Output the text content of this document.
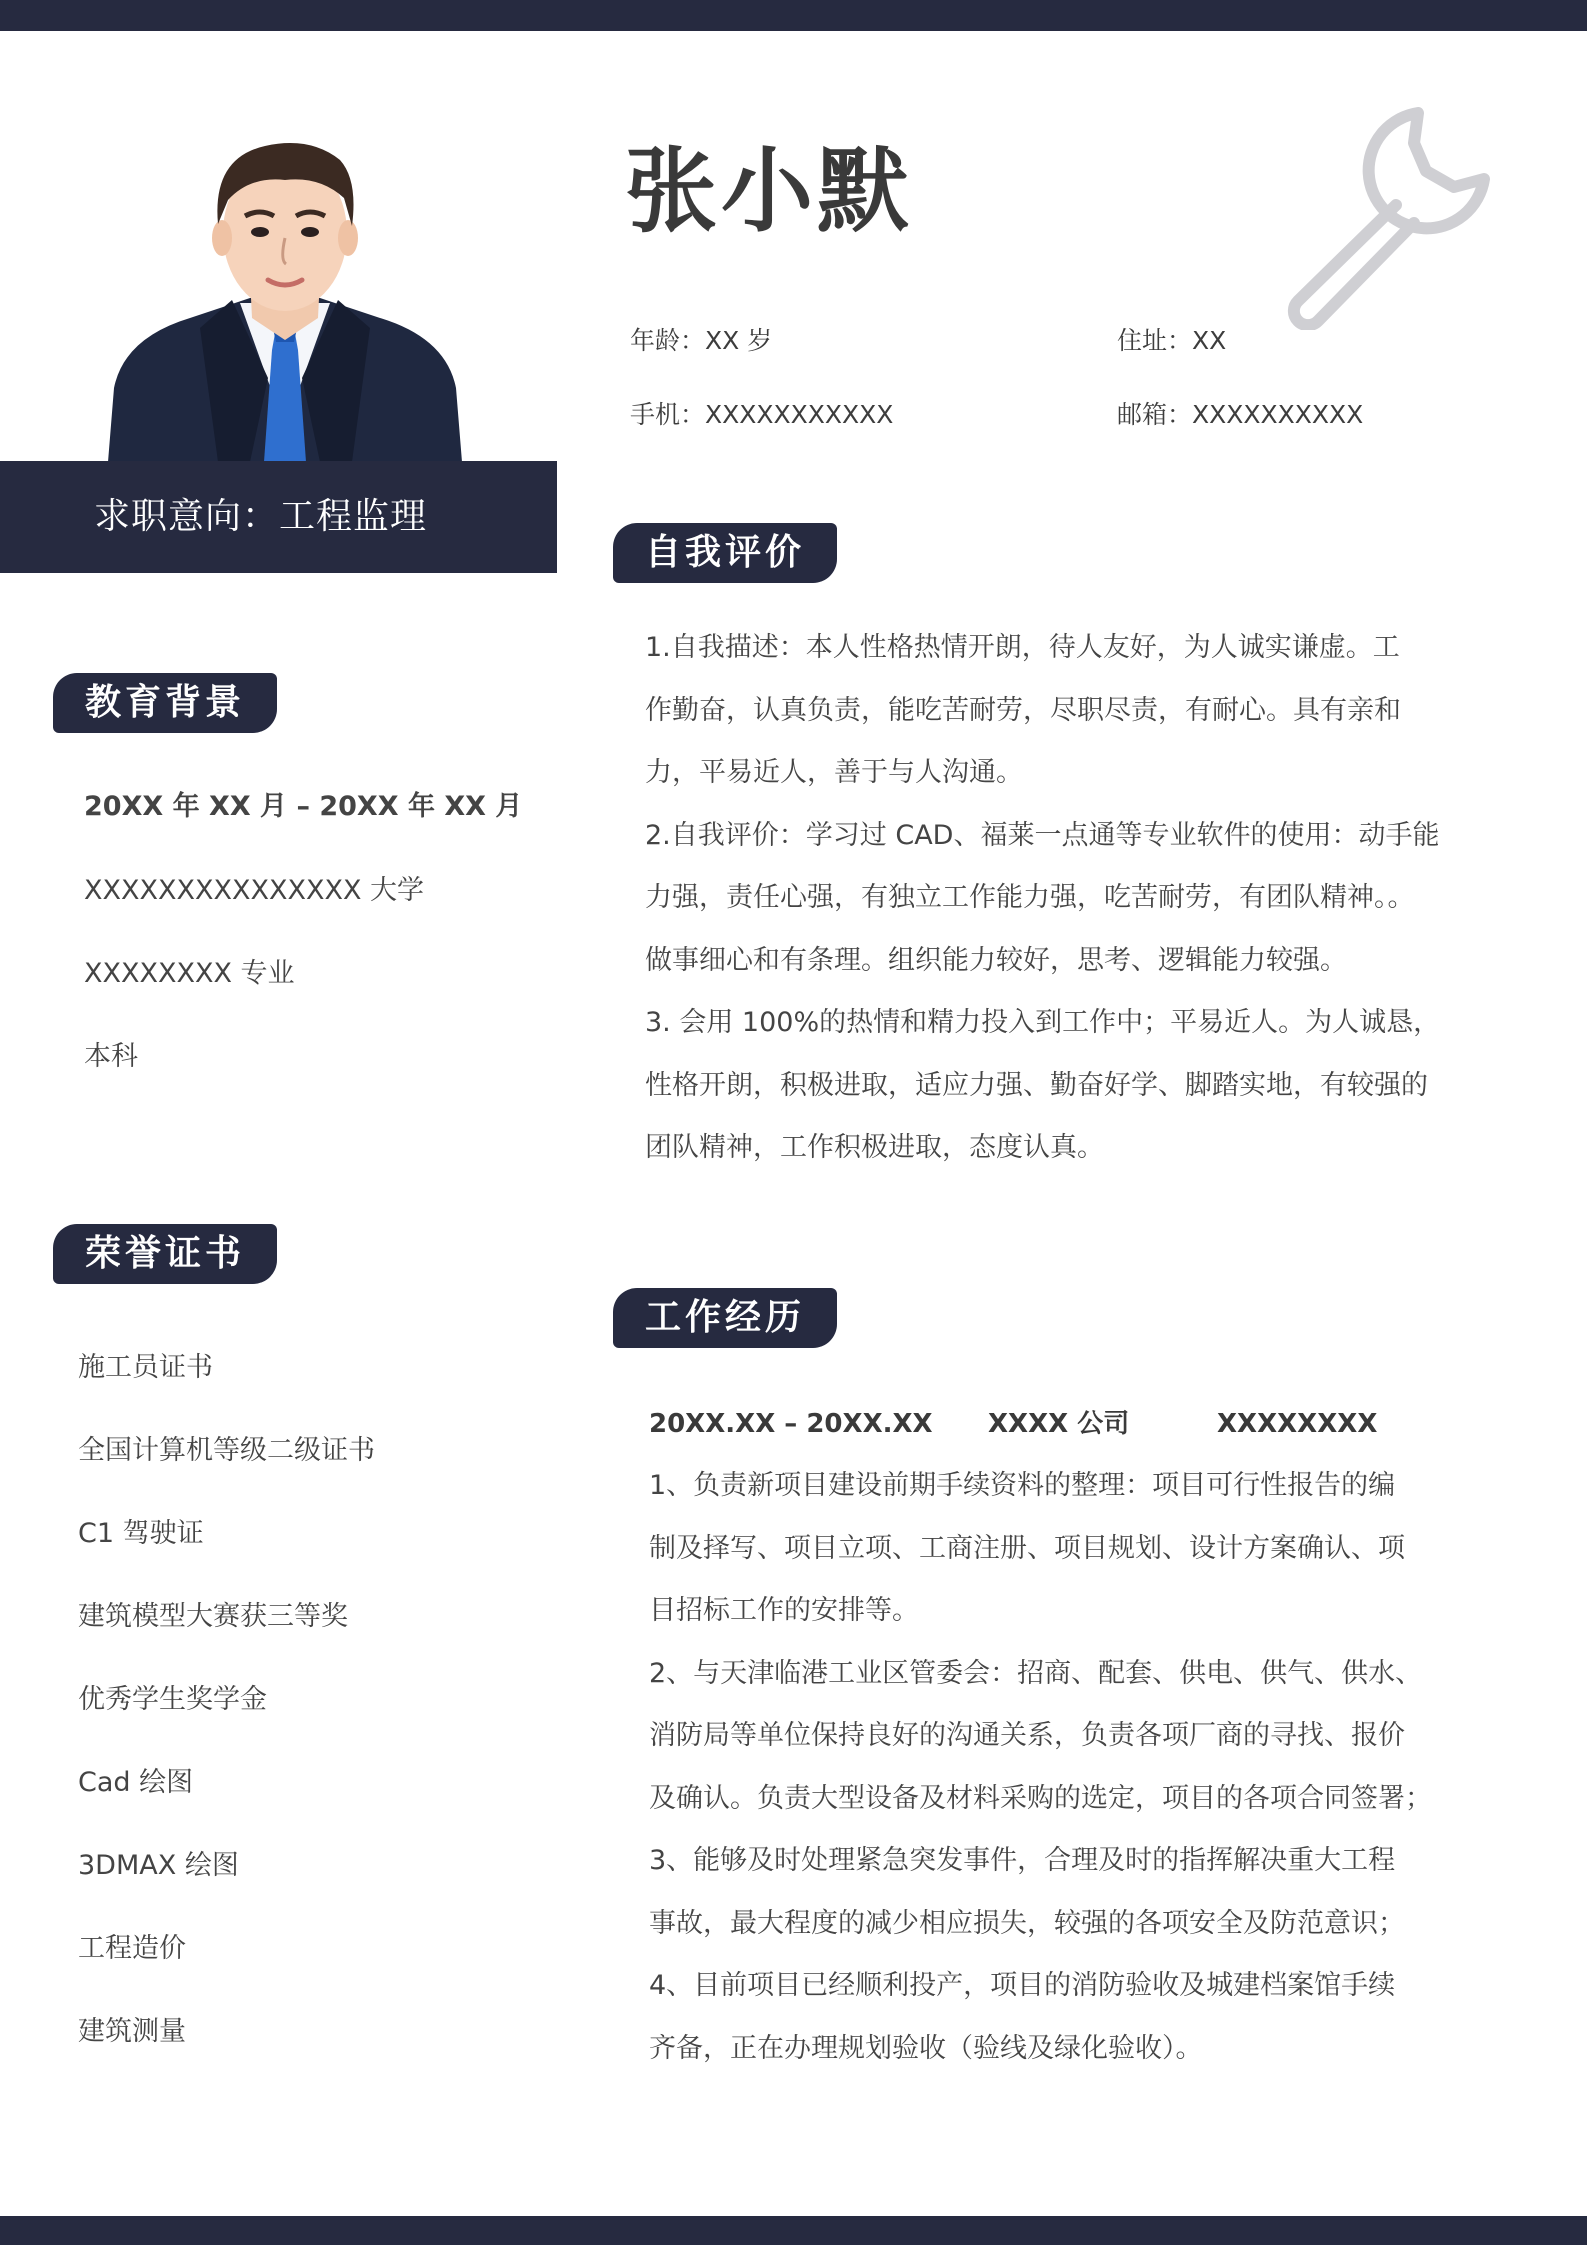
求职意向：工程监理
张小默
年龄：XX 岁	住址：XX
手机：XXXXXXXXXXX	邮箱：XXXXXXXXXX
自我评价
工作经历
教育背景
荣誉证书
20XX 年 XX 月 – 20XX 年 XX 月
XXXXXXXXXXXXXXX 大学
XXXXXXXX 专业
本科
施工员证书
全国计算机等级二级证书
C1 驾驶证
建筑模型大赛获三等奖
优秀学生奖学金
Cad 绘图
3DMAX 绘图
工程造价
建筑测量

1.自我描述：本人性格热情开朗，待人友好，为人诚实谦虚。工

作勤奋，认真负责，能吃苦耐劳，尽职尽责，有耐心。具有亲和

力，平易近人，善于与人沟通。

2.自我评价：学习过 CAD、福莱一点通等专业软件的使用：动手能

力强，责任心强，有独立工作能力强，吃苦耐劳，有团队精神。。

做事细心和有条理。组织能力较好，思考、逻辑能力较强。

3. 会用 100%的热情和精力投入到工作中；平易近人。为人诚恳，

性格开朗，积极进取，适应力强、勤奋好学、脚踏实地，有较强的

团队精神，工作积极进取，态度认真。

20XX.XX – 20XX.XX XXXX 公司	XXXXXXXX

1、负责新项目建设前期手续资料的整理：项目可行性报告的编

制及择写、项目立项、工商注册、项目规划、设计方案确认、项

目招标工作的安排等。

2、与天津临港工业区管委会：招商、配套、供电、供气、供水、

消防局等单位保持良好的沟通关系，负责各项厂商的寻找、报价

及确认。负责大型设备及材料采购的选定，项目的各项合同签署；

3、能够及时处理紧急突发事件，合理及时的指挥解决重大工程

事故，最大程度的减少相应损失，较强的各项安全及防范意识；

4、目前项目已经顺利投产，项目的消防验收及城建档案馆手续

齐备，正在办理规划验收（验线及绿化验收）。
